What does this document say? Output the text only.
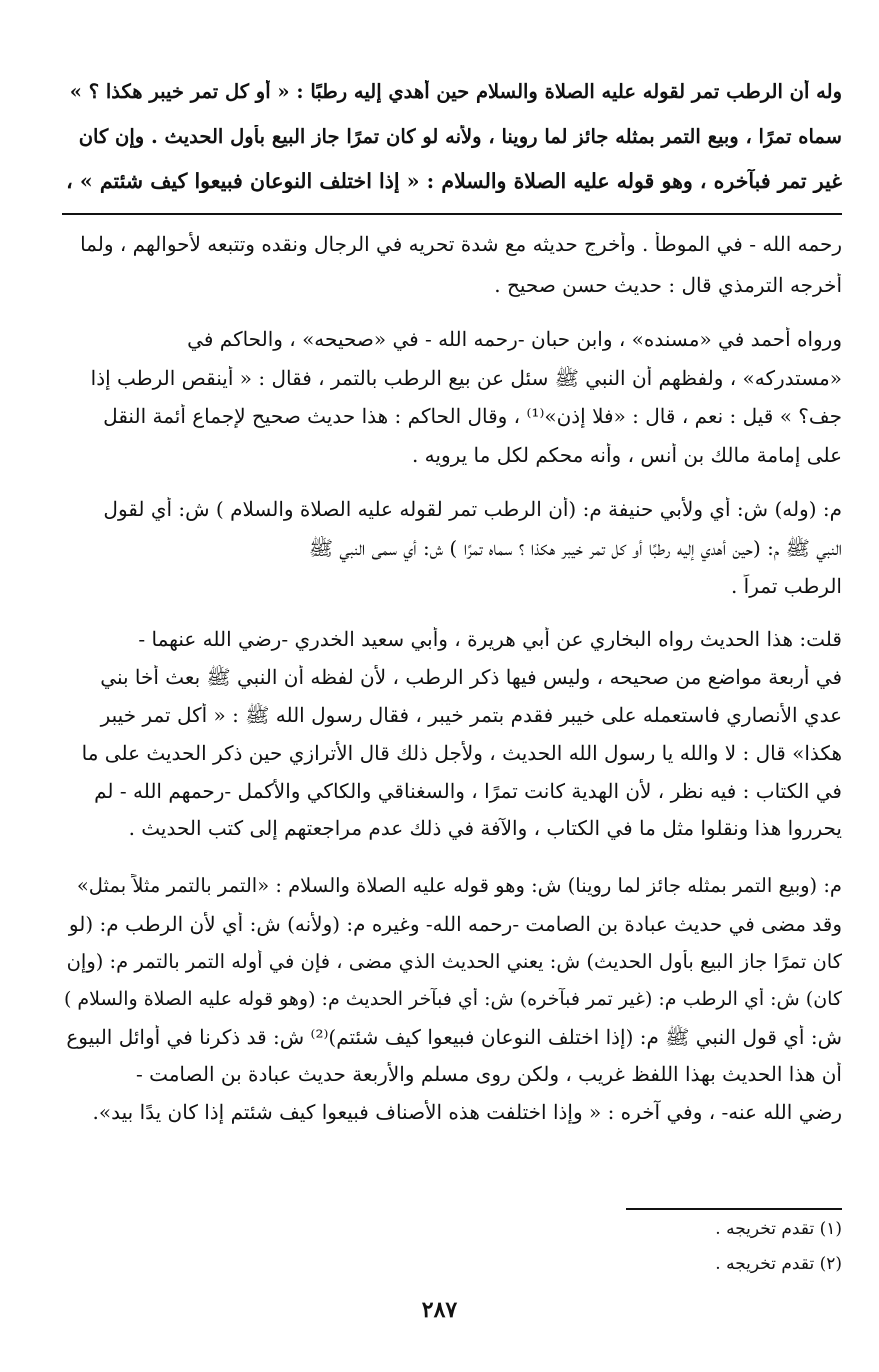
وله أن الرطب تمر لقوله عليه الصلاة والسلام حين أهدي إليه رطبًا : « أو كل تمر خيبر هكذا ؟ »
سماه تمرًا ، وبيع التمر بمثله جائز لما روينا ، ولأنه لو كان تمرًا جاز البيع بأول الحديث . وإن كان
غير تمر فبآخره ، وهو قوله عليه الصلاة والسلام : « إذا اختلف النوعان فبيعوا كيف شئتم » ،
رحمه الله - في الموطأ . وأخرج حديثه مع شدة تحريه في الرجال ونقده وتتبعه لأحوالهم ، ولما
أخرجه الترمذي قال : حديث حسن صحيح .
ورواه أحمد في «مسنده» ، وابن حبان -رحمه الله - في «صحيحه» ، والحاكم في
«مستدركه» ، ولفظهم أن النبي ﷺ سئل عن بيع الرطب بالتمر ، فقال : « أينقص الرطب إذا
جف؟ » قيل : نعم ، قال : «فلا إذن»⁽¹⁾ ، وقال الحاكم : هذا حديث صحيح لإجماع أئمة النقل
على إمامة مالك بن أنس ، وأنه محكم لكل ما يرويه .
م: (وله) ش: أي ولأبي حنيفة م: (أن الرطب تمر لقوله عليه الصلاة والسلام ) ش: أي لقول
النبي ﷺ م: (حين أهدي إليه رطبًا أو كل تمر خيبر هكذا ؟ سماه تمرًا ) ش: أي سمى النبي ﷺ
الرطب تمراً .
قلت: هذا الحديث رواه البخاري عن أبي هريرة ، وأبي سعيد الخدري -رضي الله عنهما -
في أربعة مواضع من صحيحه ، وليس فيها ذكر الرطب ، لأن لفظه أن النبي ﷺ بعث أخا بني
عدي الأنصاري فاستعمله على خيبر فقدم بتمر خيبر ، فقال رسول الله ﷺ : « أكل تمر خيبر
هكذا» قال : لا والله يا رسول الله الحديث ، ولأجل ذلك قال الأترازي حين ذكر الحديث على ما
في الكتاب : فيه نظر ، لأن الهدية كانت تمرًا ، والسغناقي والكاكي والأكمل -رحمهم الله - لم
يحرروا هذا ونقلوا مثل ما في الكتاب ، والآفة في ذلك عدم مراجعتهم إلى كتب الحديث .
م: (وبيع التمر بمثله جائز لما روينا) ش: وهو قوله عليه الصلاة والسلام : «التمر بالتمر مثلاً بمثل»
وقد مضى في حديث عبادة بن الصامت -رحمه الله- وغيره م: (ولأنه) ش: أي لأن الرطب م: (لو
كان تمرًا جاز البيع بأول الحديث) ش: يعني الحديث الذي مضى ، فإن في أوله التمر بالتمر م: (وإن
كان) ش: أي الرطب م: (غير تمر فبآخره) ش: أي فبآخر الحديث م: (وهو قوله عليه الصلاة والسلام )
ش: أي قول النبي ﷺ م: (إذا اختلف النوعان فبيعوا كيف شئتم)⁽²⁾ ش: قد ذكرنا في أوائل البيوع
أن هذا الحديث بهذا اللفظ غريب ، ولكن روى مسلم والأربعة حديث عبادة بن الصامت -
رضي الله عنه- ، وفي آخره : « وإذا اختلفت هذه الأصناف فبيعوا كيف شئتم إذا كان يدًا بيد».
(١) تقدم تخريجه .
(٢) تقدم تخريجه .
٢٨٧
